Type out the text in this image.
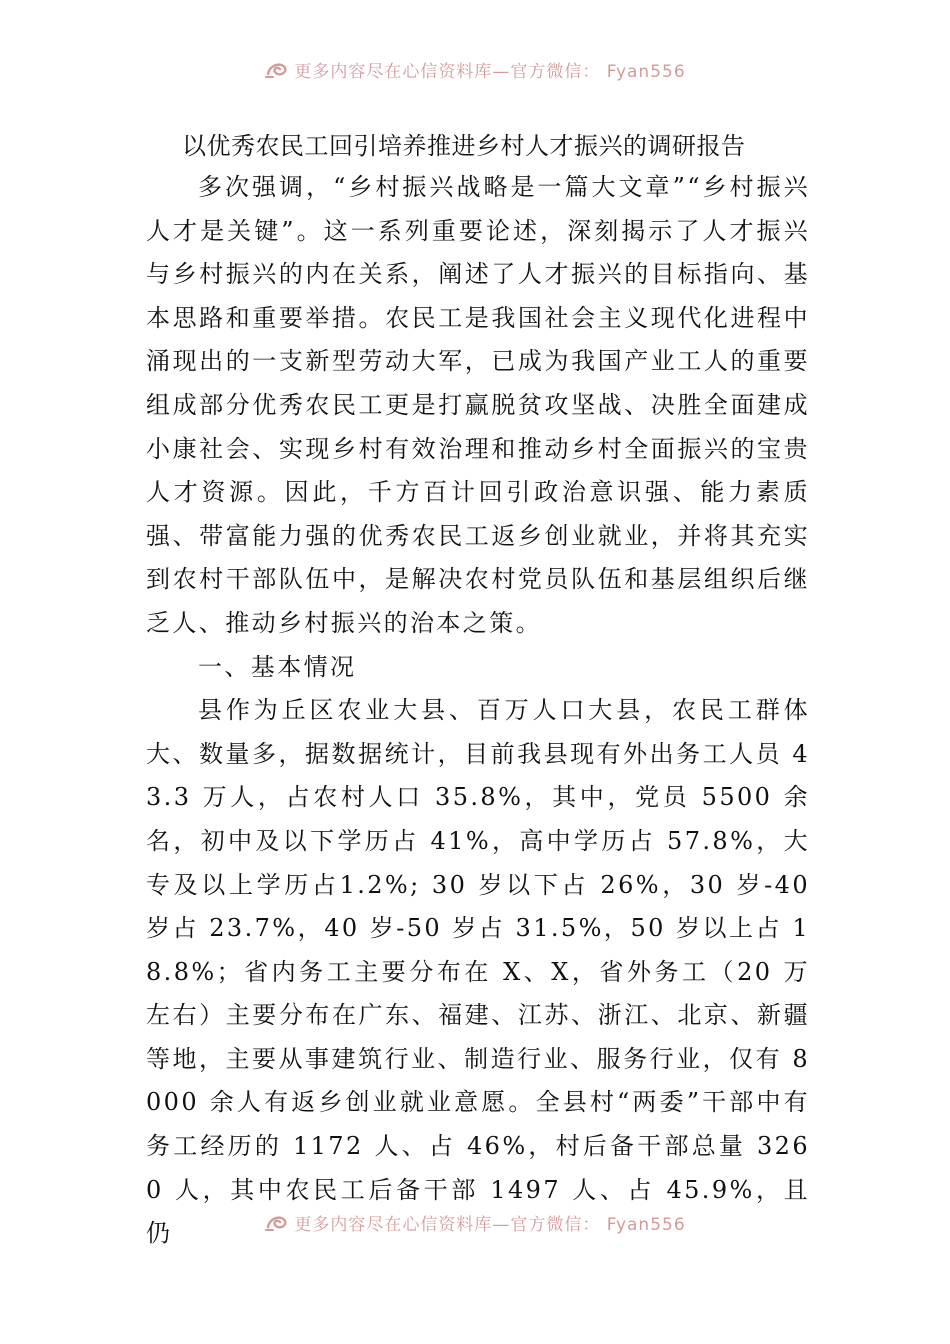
更多内容尽在心信资料库—官方微信： Fyan556
以优秀农民工回引培养推进乡村人才振兴的调研报告

多次强调，“乡村振兴战略是一篇大文章”“乡村振兴人才是关键”。这一系列重要论述，深刻揭示了人才振兴与乡村振兴的内在关系，阐述了人才振兴的目标指向、基本思路和重要举措。农民工是我国社会主义现代化进程中涌现出的一支新型劳动大军，已成为我国产业工人的重要组成部分优秀农民工更是打赢脱贫攻坚战、决胜全面建成小康社会、实现乡村有效治理和推动乡村全面振兴的宝贵人才资源。因此，千方百计回引政治意识强、能力素质强、带富能力强的优秀农民工返乡创业就业，并将其充实到农村干部队伍中，是解决农村党员队伍和基层组织后继乏人、推动乡村振兴的治本之策。

一、基本情况

县作为丘区农业大县、百万人口大县，农民工群体大、数量多，据数据统计，目前我县现有外出务工人员 43.3 万人，占农村人口 35.8%，其中，党员 5500 余名，初中及以下学历占 41%，高中学历占 57.8%，大专及以上学历占1.2%; 30 岁以下占 26%，30 岁-40 岁占 23.7%，40 岁-50 岁占 31.5%，50 岁以上占 18.8%；省内务工主要分布在 X、X，省外务工（20 万左右）主要分布在广东、福建、江苏、浙江、北京、新疆等地，主要从事建筑行业、制造行业、服务行业，仅有 8000 余人有返乡创业就业意愿。全县村“两委”干部中有务工经历的 1172 人、占 46%，村后备干部总量 3260 人，其中农民工后备干部 1497 人、占 45.9%，且仍	更多内容尽在心信资料库—官方微信： Fyan556
